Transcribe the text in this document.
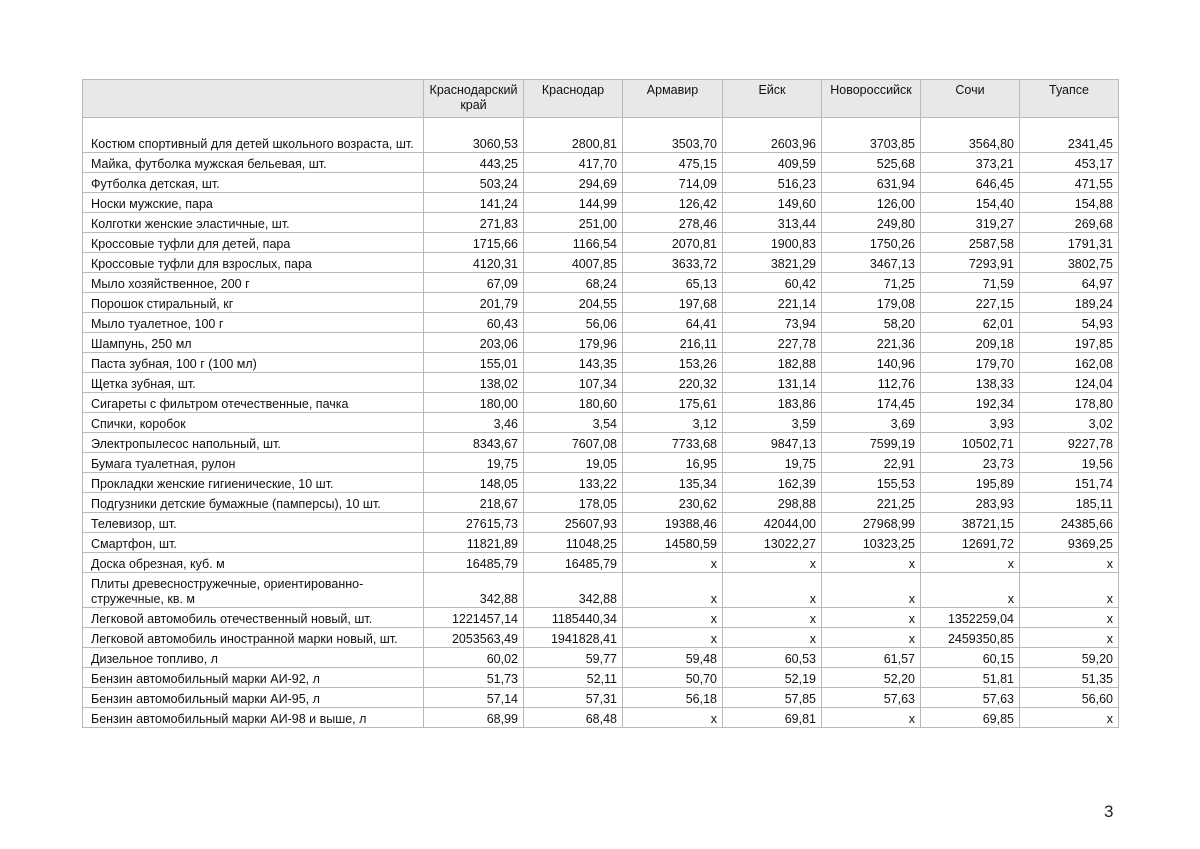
	Краснодарский край	Краснодар	Армавир	Ейск	Новороссийск	Сочи	Туапсе
Костюм спортивный для детей школьного возраста, шт.	3060,53	2800,81	3503,70	2603,96	3703,85	3564,80	2341,45
Майка, футболка мужская бельевая, шт.	443,25	417,70	475,15	409,59	525,68	373,21	453,17
Футболка детская, шт.	503,24	294,69	714,09	516,23	631,94	646,45	471,55
Носки мужские, пара	141,24	144,99	126,42	149,60	126,00	154,40	154,88
Колготки женские эластичные, шт.	271,83	251,00	278,46	313,44	249,80	319,27	269,68
Кроссовые туфли для детей, пара	1715,66	1166,54	2070,81	1900,83	1750,26	2587,58	1791,31
Кроссовые туфли для взрослых, пара	4120,31	4007,85	3633,72	3821,29	3467,13	7293,91	3802,75
Мыло хозяйственное, 200 г	67,09	68,24	65,13	60,42	71,25	71,59	64,97
Порошок стиральный, кг	201,79	204,55	197,68	221,14	179,08	227,15	189,24
Мыло туалетное, 100 г	60,43	56,06	64,41	73,94	58,20	62,01	54,93
Шампунь, 250 мл	203,06	179,96	216,11	227,78	221,36	209,18	197,85
Паста зубная, 100 г (100 мл)	155,01	143,35	153,26	182,88	140,96	179,70	162,08
Щетка зубная, шт.	138,02	107,34	220,32	131,14	112,76	138,33	124,04
Сигареты с фильтром отечественные, пачка	180,00	180,60	175,61	183,86	174,45	192,34	178,80
Спички, коробок	3,46	3,54	3,12	3,59	3,69	3,93	3,02
Электропылесос напольный, шт.	8343,67	7607,08	7733,68	9847,13	7599,19	10502,71	9227,78
Бумага туалетная, рулон	19,75	19,05	16,95	19,75	22,91	23,73	19,56
Прокладки женские гигиенические, 10 шт.	148,05	133,22	135,34	162,39	155,53	195,89	151,74
Подгузники детские бумажные (памперсы), 10 шт.	218,67	178,05	230,62	298,88	221,25	283,93	185,11
Телевизор, шт.	27615,73	25607,93	19388,46	42044,00	27968,99	38721,15	24385,66
Смартфон, шт.	11821,89	11048,25	14580,59	13022,27	10323,25	12691,72	9369,25
Доска обрезная, куб. м	16485,79	16485,79	x	x	x	x	x
Плиты древесностружечные, ориентированно-стружечные, кв. м	342,88	342,88	x	x	x	x	x
Легковой автомобиль отечественный новый, шт.	1221457,14	1185440,34	x	x	x	1352259,04	x
Легковой автомобиль иностранной марки новый, шт.	2053563,49	1941828,41	x	x	x	2459350,85	x
Дизельное топливо, л	60,02	59,77	59,48	60,53	61,57	60,15	59,20
Бензин автомобильный марки АИ-92, л	51,73	52,11	50,70	52,19	52,20	51,81	51,35
Бензин автомобильный марки АИ-95, л	57,14	57,31	56,18	57,85	57,63	57,63	56,60
Бензин автомобильный марки АИ-98 и выше, л	68,99	68,48	x	69,81	x	69,85	x
3
